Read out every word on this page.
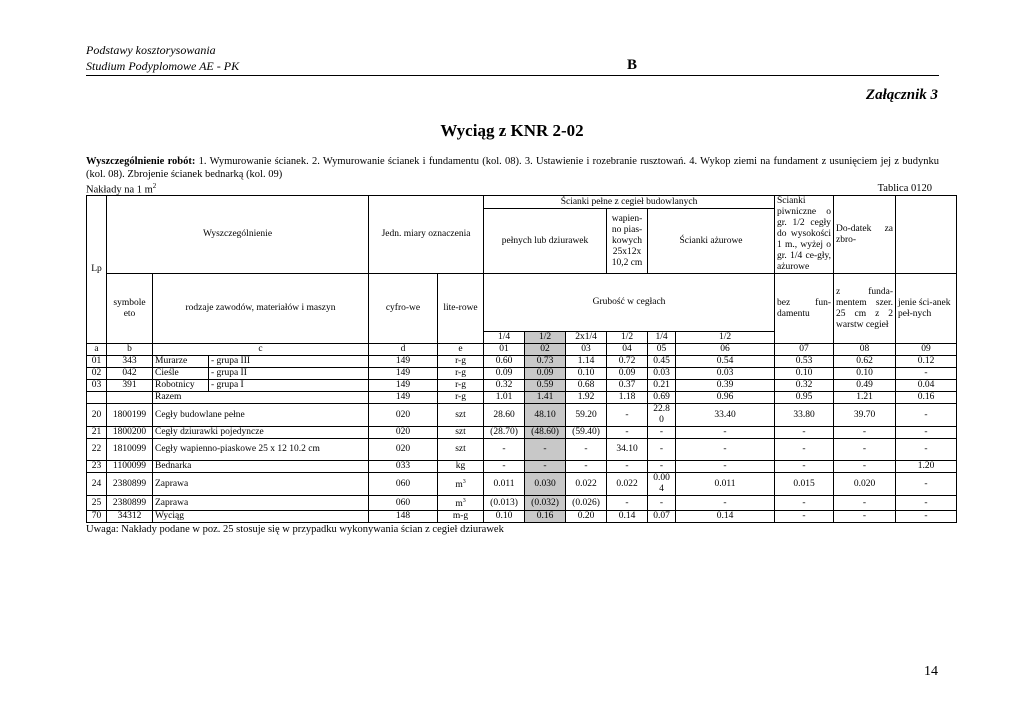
Podstawy kosztorysowania
Studium Podyplomowe AE - PK	B
Załącznik 3
Wyciąg z KNR 2-02
Wyszczególnienie robót: 1. Wymurowanie ścianek. 2. Wymurowanie ścianek i fundamentu (kol. 08). 3. Ustawienie i rozebranie rusztowań. 4. Wykop ziemi na fundament z usunięciem jej z budynku (kol. 08). Zbrojenie ścianek bednarką (kol. 09)
Nakłady na 1 $m^2$	Tablica 0120
Lp	Wyszczególnienie			Jedn. miary oznaczenia		Ścianki pełne z cegieł budowlanych						Ścianki piwniczne o gr. 1/2 cegły do wysokości 1 m., wyżej o gr. 1/4 ce-gły, ażurowe	Do-datek za zbro-	
						pełnych lub dziurawek			wapien-no pias-kowych 25x12x 10,2 cm	Ścianki ażurowe				
	symbole eto	rodzaje zawodów, materiałów i maszyn		cyfro-we	lite-rowe	Grubość w cegłach						bez fun-damentu	z funda-mentem szer. 25 cm z 2 warstw cegieł	jenie ści-anek peł-nych
						1/4	1/2	2x1/4	1/2	1/4	1/2			
a	b	c		d	e	01	02	03	04	05	06	07	08	09
01	343	Murarze	- grupa III	149	r-g	0.60	0.73	1.14	0.72	0.45	0.54	0.53	0.62	0.12
02	042	Cieśle	- grupa II	149	r-g	0.09	0.09	0.10	0.09	0.03	0.03	0.10	0.10	-
03	391	Robotnicy	- grupa I	149	r-g	0.32	0.59	0.68	0.37	0.21	0.39	0.32	0.49	0.04
		Razem		149	r-g	1.01	1.41	1.92	1.18	0.69	0.96	0.95	1.21	0.16
20	1800199	Cegły budowlane pełne		020	szt	28.60	48.10	59.20	-	22.8 0	33.40	33.80	39.70	-
21	1800200	Cegły dziurawki pojedyncze		020	szt	(28.70)	(48.60)	(59.40)	-	-	-	-	-	-
22	1810099	Cegły wapienno-piaskowe 25 x 12 10.2 cm		020	szt	-	-	-	34.10	-	-	-	-	-
23	1100099	Bednarka		033	kg	-	-	-	-	-	-	-	-	1.20
24	2380899	Zaprawa		060	$m^3$	0.011	0.030	0.022	0.022	0.00 4	0.011	0.015	0.020	-
25	2380899	Zaprawa		060	$m^3$	(0.013)	(0.032)	(0.026)	-	-	-	-	-	-
70	34312	Wyciąg		148	m-g	0.10	0.16	0.20	0.14	0.07	0.14	-	-	-
Uwaga: Nakłady podane w poz. 25 stosuje się w przypadku wykonywania ścian z cegieł dziurawek
14
